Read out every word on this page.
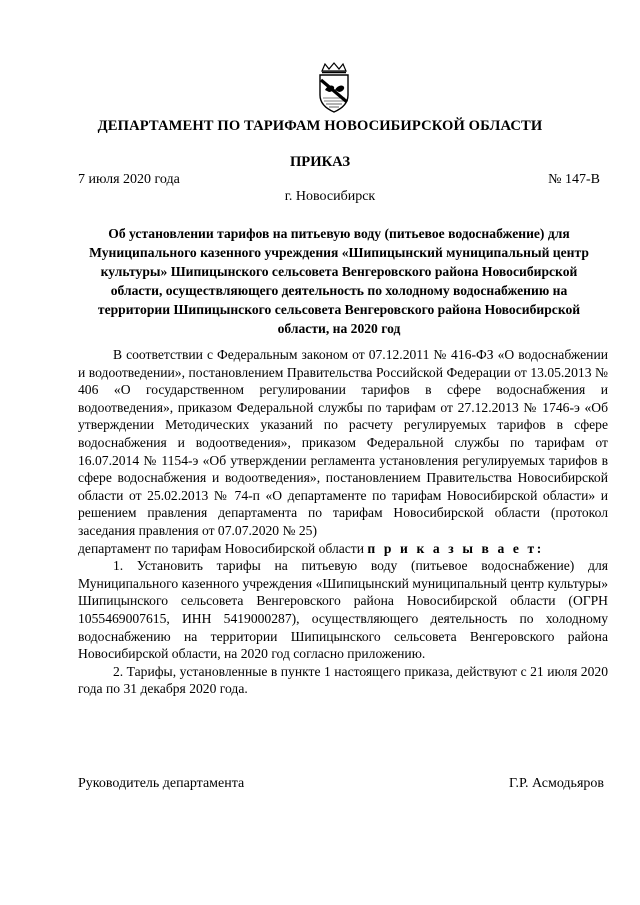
ДЕПАРТАМЕНТ ПО ТАРИФАМ НОВОСИБИРСКОЙ ОБЛАСТИ
ПРИКАЗ
7 июля 2020 года	№ 147-В
г. Новосибирск
Об установлении тарифов на питьевую воду (питьевое водоснабжение) для Муниципального казенного учреждения «Шипицынский муниципальный центр культуры» Шипицынского сельсовета Венгеровского района Новосибирской области, осуществляющего деятельность по холодному водоснабжению на территории Шипицынского сельсовета Венгеровского района Новосибирской области, на 2020 год

В соответствии с Федеральным законом от 07.12.2011 № 416-ФЗ «О водоснабжении и водоотведении», постановлением Правительства Российской Федерации от 13.05.2013 № 406 «О государственном регулировании тарифов в сфере водоснабжения и водоотведения», приказом Федеральной службы по тарифам от 27.12.2013 № 1746-э «Об утверждении Методических указаний по расчету регулируемых тарифов в сфере водоснабжения и водоотведения», приказом Федеральной службы по тарифам от 16.07.2014 № 1154-э «Об утверждении регламента установления регулируемых тарифов в сфере водоснабжения и водоотведения», постановлением Правительства Новосибирской области от 25.02.2013 № 74-п «О департаменте по тарифам Новосибирской области» и решением правления департамента по тарифам Новосибирской области (протокол заседания правления от 07.07.2020 № 25)

департамент по тарифам Новосибирской области п р и к а з ы в а е т:

1. Установить тарифы на питьевую воду (питьевое водоснабжение) для Муниципального казенного учреждения «Шипицынский муниципальный центр культуры» Шипицынского сельсовета Венгеровского района Новосибирской области (ОГРН 1055469007615, ИНН 5419000287), осуществляющего деятельность по холодному водоснабжению на территории Шипицынского сельсовета Венгеровского района Новосибирской области, на 2020 год согласно приложению.

2. Тарифы, установленные в пункте 1 настоящего приказа, действуют с 21 июля 2020 года по 31 декабря 2020 года.

Руководитель департамента	Г.Р. Асмодьяров
